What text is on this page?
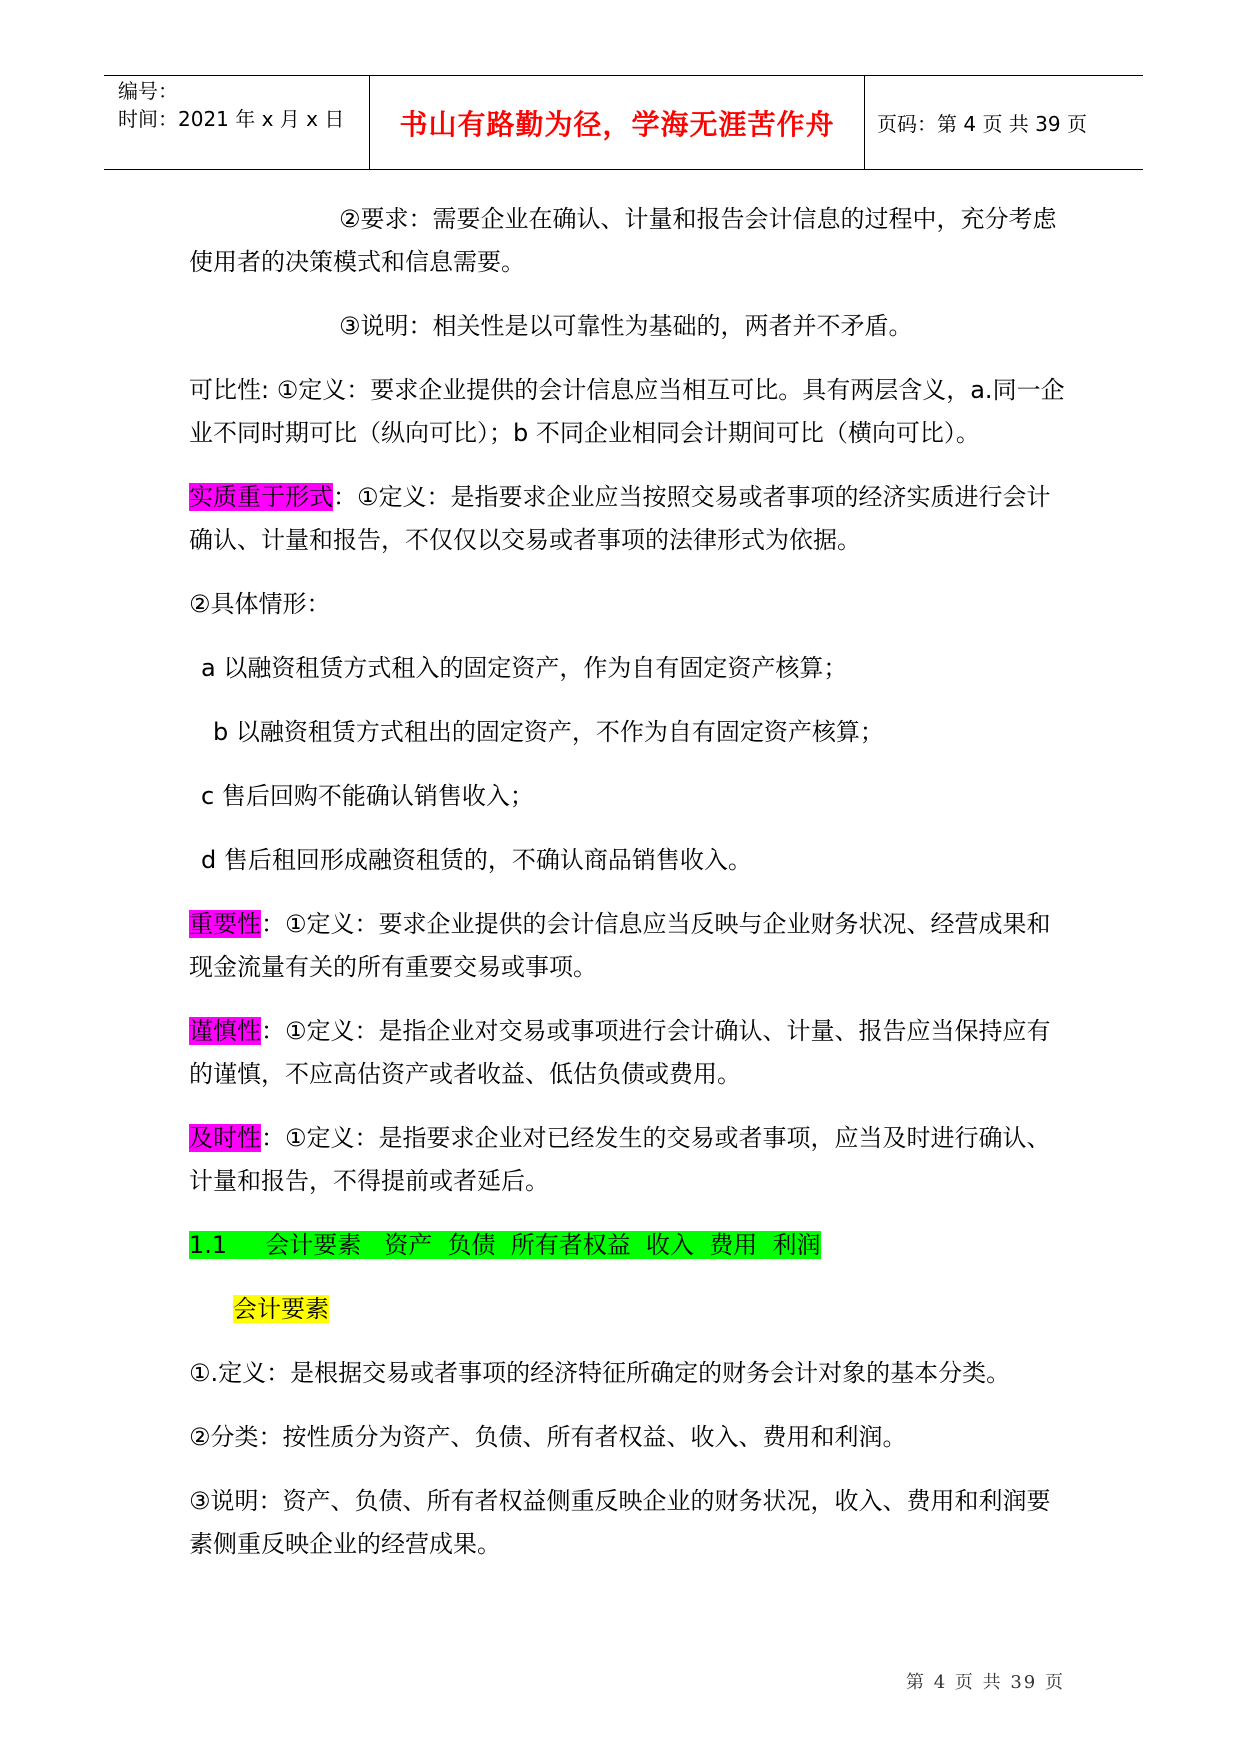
编号：
时间：2021 年 x 月 x 日	书山有路勤为径，学海无涯苦作舟	页码：第 4 页 共 39 页

②要求：需要企业在确认、计量和报告会计信息的过程中，充分考虑使用者的决策模式和信息需要。

③说明：相关性是以可靠性为基础的，两者并不矛盾。

可比性: ①定义：要求企业提供的会计信息应当相互可比。具有两层含义，a.同一企业不同时期可比（纵向可比）；b 不同企业相同会计期间可比（横向可比）。

实质重于形式：①定义：是指要求企业应当按照交易或者事项的经济实质进行会计确认、计量和报告，不仅仅以交易或者事项的法律形式为依据。

②具体情形：

a 以融资租赁方式租入的固定资产，作为自有固定资产核算；

b 以融资租赁方式租出的固定资产，不作为自有固定资产核算；

c 售后回购不能确认销售收入；

d 售后租回形成融资租赁的，不确认商品销售收入。

重要性：①定义：要求企业提供的会计信息应当反映与企业财务状况、经营成果和现金流量有关的所有重要交易或事项。

谨慎性：①定义：是指企业对交易或事项进行会计确认、计量、报告应当保持应有的谨慎，不应高估资产或者收益、低估负债或费用。

及时性：①定义：是指要求企业对已经发生的交易或者事项，应当及时进行确认、计量和报告，不得提前或者延后。

1.1     会计要素   资产  负债  所有者权益  收入  费用  利润

会计要素

①.定义：是根据交易或者事项的经济特征所确定的财务会计对象的基本分类。

②分类：按性质分为资产、负债、所有者权益、收入、费用和利润。

③说明：资产、负债、所有者权益侧重反映企业的财务状况，收入、费用和利润要素侧重反映企业的经营成果。

第 4 页 共 39 页
